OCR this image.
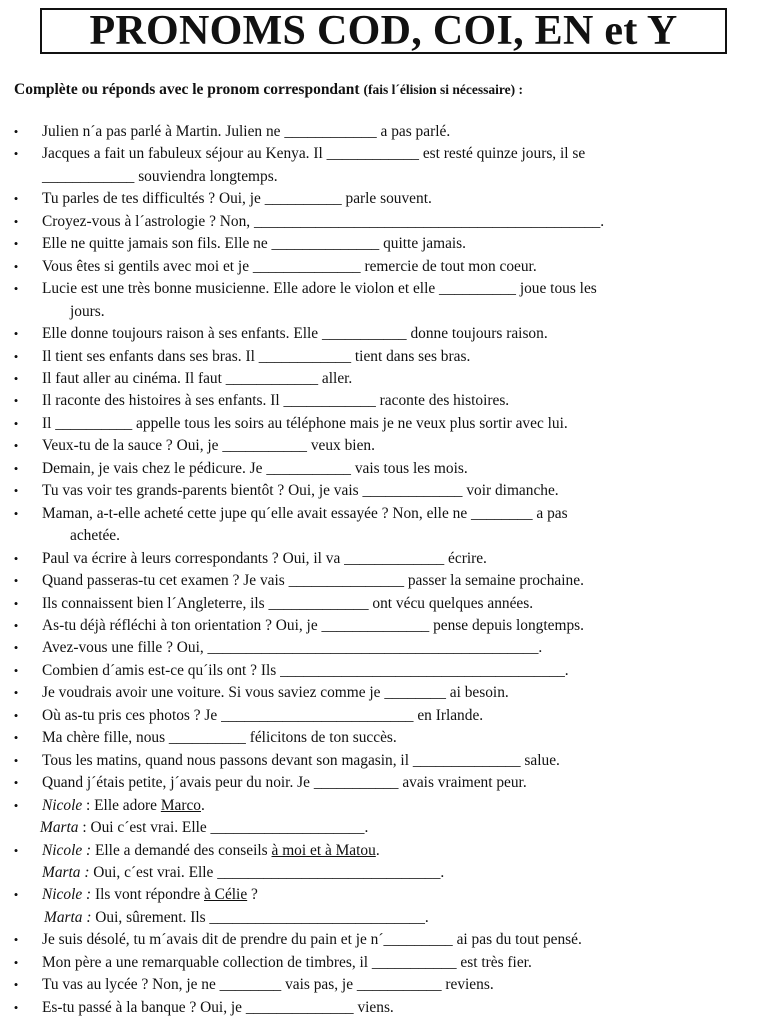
PRONOMS COD, COI, EN et Y
Complète ou réponds avec le pronom correspondant (fais l´élision si nécessaire) :
•
Julien n´a pas parlé à Martin. Julien ne ____________ a pas parlé.
•
Jacques a fait un fabuleux séjour au Kenya. Il ____________ est resté quinze jours, il se
____________ souviendra longtemps.
•
Tu parles de tes difficultés ? Oui, je __________ parle souvent.
•
Croyez-vous à l´astrologie ? Non, _____________________________________________.
•
Elle ne quitte jamais son fils. Elle ne ______________ quitte jamais.
•
Vous êtes si gentils avec moi et je ______________ remercie de tout mon coeur.
•
Lucie est une très bonne musicienne. Elle adore le violon et elle __________ joue tous les
jours.
•
Elle donne toujours raison à ses enfants. Elle ___________ donne toujours raison.
•
Il tient ses enfants dans ses bras. Il ____________ tient dans ses bras.
•
Il faut aller au cinéma. Il faut ____________ aller.
•
Il raconte des histoires à ses enfants. Il ____________ raconte des histoires.
•
Il __________ appelle tous les soirs au téléphone mais je ne veux plus sortir avec lui.
•
Veux-tu de la sauce ? Oui, je ___________ veux bien.
•
Demain, je vais chez le pédicure. Je ___________ vais tous les mois.
•
Tu vas voir tes grands-parents bientôt ? Oui, je vais _____________ voir dimanche.
•
Maman, a-t-elle acheté cette jupe qu´elle avait essayée ? Non, elle ne ________ a pas
achetée.
•
Paul va écrire à leurs correspondants ? Oui, il va _____________ écrire.
•
Quand passeras-tu cet examen ? Je vais _______________ passer la semaine prochaine.
•
Ils connaissent bien l´Angleterre, ils _____________ ont vécu quelques années.
•
As-tu déjà réfléchi à ton orientation ? Oui, je ______________ pense depuis longtemps.
•
Avez-vous une fille ? Oui, ___________________________________________.
•
Combien d´amis est-ce qu´ils ont ? Ils _____________________________________.
•
Je voudrais avoir une voiture. Si vous saviez comme je ________ ai besoin.
•
Où as-tu pris ces photos ? Je _________________________ en Irlande.
•
Ma chère fille, nous __________ félicitons de ton succès.
•
Tous les matins, quand nous passons devant son magasin, il ______________ salue.
•
Quand j´étais petite, j´avais peur du noir. Je ___________ avais vraiment peur.
•
Nicole : Elle adore Marco.
Marta : Oui c´est vrai. Elle ____________________.
•
Nicole : Elle a demandé des conseils à moi et à Matou.
Marta : Oui, c´est vrai. Elle _____________________________.
•
Nicole : Ils vont répondre à Célie ?
Marta : Oui, sûrement. Ils ____________________________.
•
Je suis désolé, tu m´avais dit de prendre du pain et je n´_________ ai pas du tout pensé.
•
Mon père a une remarquable collection de timbres, il ___________ est très fier.
•
Tu vas au lycée ? Non, je ne ________ vais pas, je ___________ reviens.
•
Es-tu passé à la banque ? Oui, je ______________ viens.
